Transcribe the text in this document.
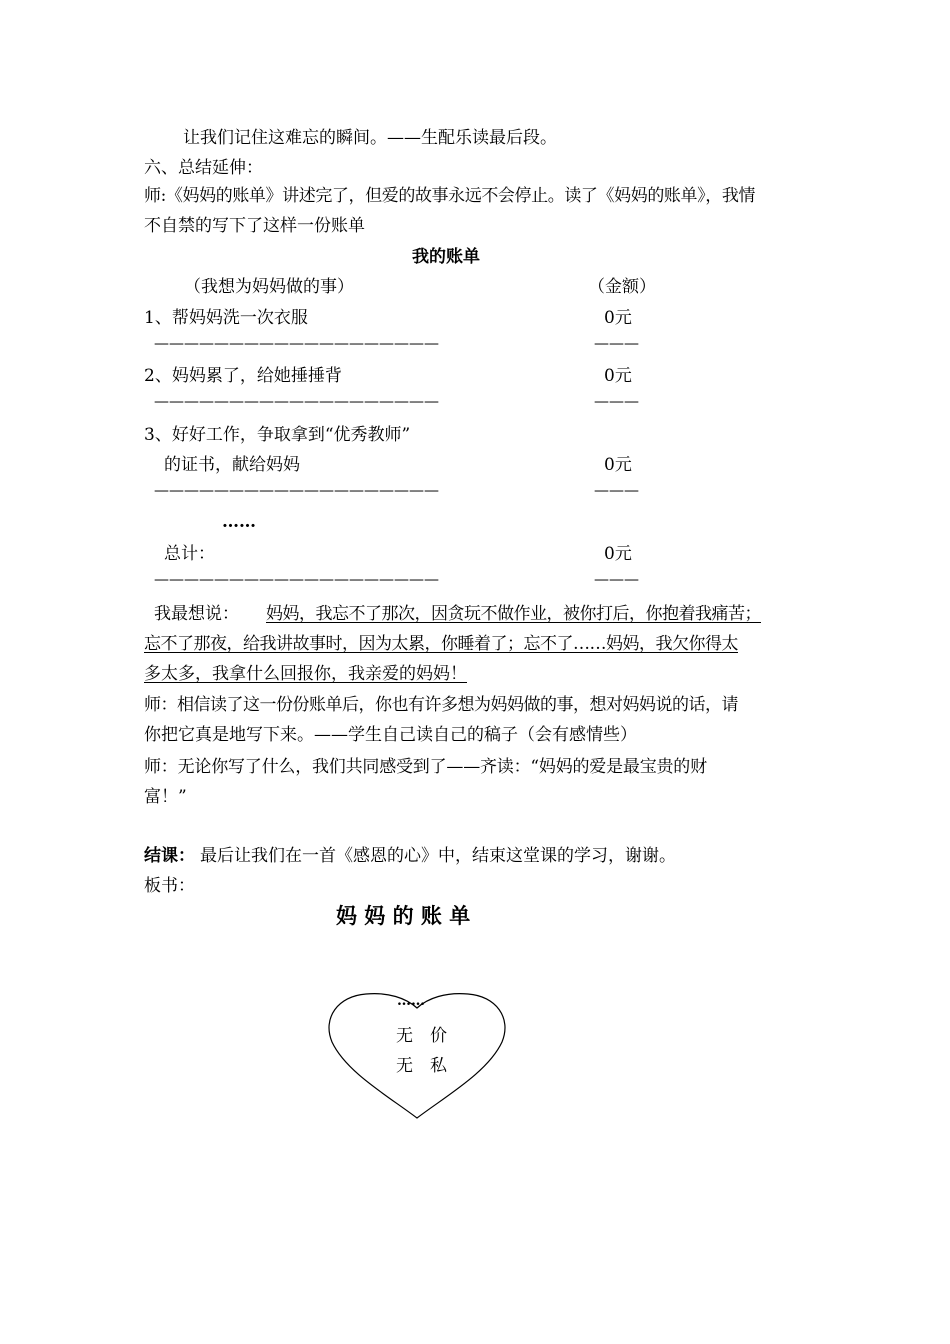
让我们记住这难忘的瞬间。——生配乐读最后段。
六、总结延伸：
师:《妈妈的账单》讲述完了，但爱的故事永远不会停止。读了《妈妈的账单》，我情
不自禁的写下了这样一份账单
我的账单
（我想为妈妈做的事）	（金额）
1、帮妈妈洗一次衣服	0元
———————————————————	———
2、妈妈累了，给她捶捶背	0元
———————————————————	———
3、好好工作，争取拿到“优秀教师”
的证书，献给妈妈	0元
———————————————————	———
……
总计：	0元
———————————————————	———
我最想说： 妈妈，我忘不了那次，因贪玩不做作业，被你打后，你抱着我痛苦；
忘不了那夜，给我讲故事时，因为太累，你睡着了；忘不了……妈妈，我欠你得太
多太多，我拿什么回报你，我亲爱的妈妈！
师：相信读了这一份份账单后，你也有许多想为妈妈做的事，想对妈妈说的话，请
你把它真是地写下来。——学生自己读自己的稿子（会有感情些）
师：无论你写了什么，我们共同感受到了——齐读：“妈妈的爱是最宝贵的财
富！”
结课： 最后让我们在一首《感恩的心》中，结束这堂课的学习，谢谢。
板书：
妈 妈 的 账 单
……
无　价
无　私
